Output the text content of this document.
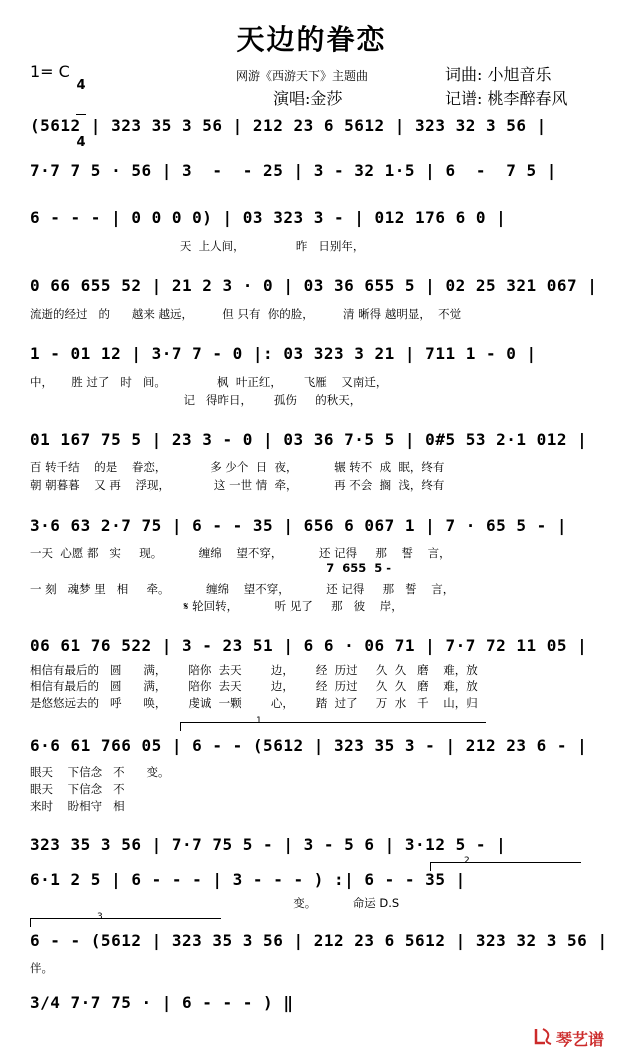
天边的眷恋
1= C

4

4

网游《西游天下》主题曲	词曲: 小旭音乐
演唱:金莎	记谱: 桃李醉春风
(5612 | 323 35 3 56 | 212 23 6 5612 | 323 32 3 56 |
7·7 7 5 · 56 | 3  -  - 25 | 3 - 32 1·5 | 6  -  7 5 |
6 - - - | 0 0 0 0) | 03 323 3 - | 012 176 6 0 |
天  上人间，              昨   日别年，
0 66 655 52 | 21 2 3 · 0 | 03 36 655 5 | 02 25 321 067 |
流逝的经过   的      越来 越远，        但 只有  你的脸，        清 晰得 越明显，  不觉
1 - 01 12 | 3·7 7 - 0 |: 03 323 3 21 | 711 1 - 0 |
中，     胜 过了   时   间。              枫  叶正红，      飞雁    又南迁，
记   得昨日，      孤伤     的秋天，
01 167 75 5 | 23 3 - 0 | 03 36 7·5 5 | 0#5 53 2·1 012 |
百 转千结    的是    眷恋，            多 少个  日  夜，          辗 转不  成  眠，终有
朝 朝暮暮    又 再    浮现，            这 一世 情  牵，          再 不会  搁  浅，终有
3·6 63 2·7 75 | 6 - - 35 | 656 6 067 1 | 7 · 65 5 - |
一天  心愿 都   实     现。          缠绵    望不穿，          还 记得     那    誓    言，
7  655  5 -
一 刻   魂梦 里   相     牵。          缠绵    望不穿，          还 记得     那   誓    言，
𝄋 轮回转，          听 见了     那   彼    岸，
06 61 76 522 | 3 - 23 51 | 6 6 · 06 71 | 7·7 72 11 05 |
相信有最后的   圆      满，      陪你  去天        边，      经  历过     久  久   磨    难，放
相信有最后的   圆      满，      陪你  去天        边，      经  历过     久  久   磨    难，放
是悠悠远去的   呼      唤，      虔诚  一颗        心，      踏  过了     万  水   千    山，归
1
6·6 61 766 05 | 6 - - (5612 | 323 35 3 - | 212 23 6 - |
眼天    下信念   不      变。
眼天    下信念   不
来时    盼相守   相
323 35 3 56 | 7·7 75 5 - | 3 - 5 6 | 3·12 5 - |
2
6·1 2 5 | 6 - - - | 3 - - - ) :| 6 - - 35 |
变。          命运 D.S
3
6 - - (5612 | 323 35 3 56 | 212 23 6 5612 | 323 32 3 56 |
伴。
3/4 7·7 75 · | 6 - - - ) ‖
琴艺谱
